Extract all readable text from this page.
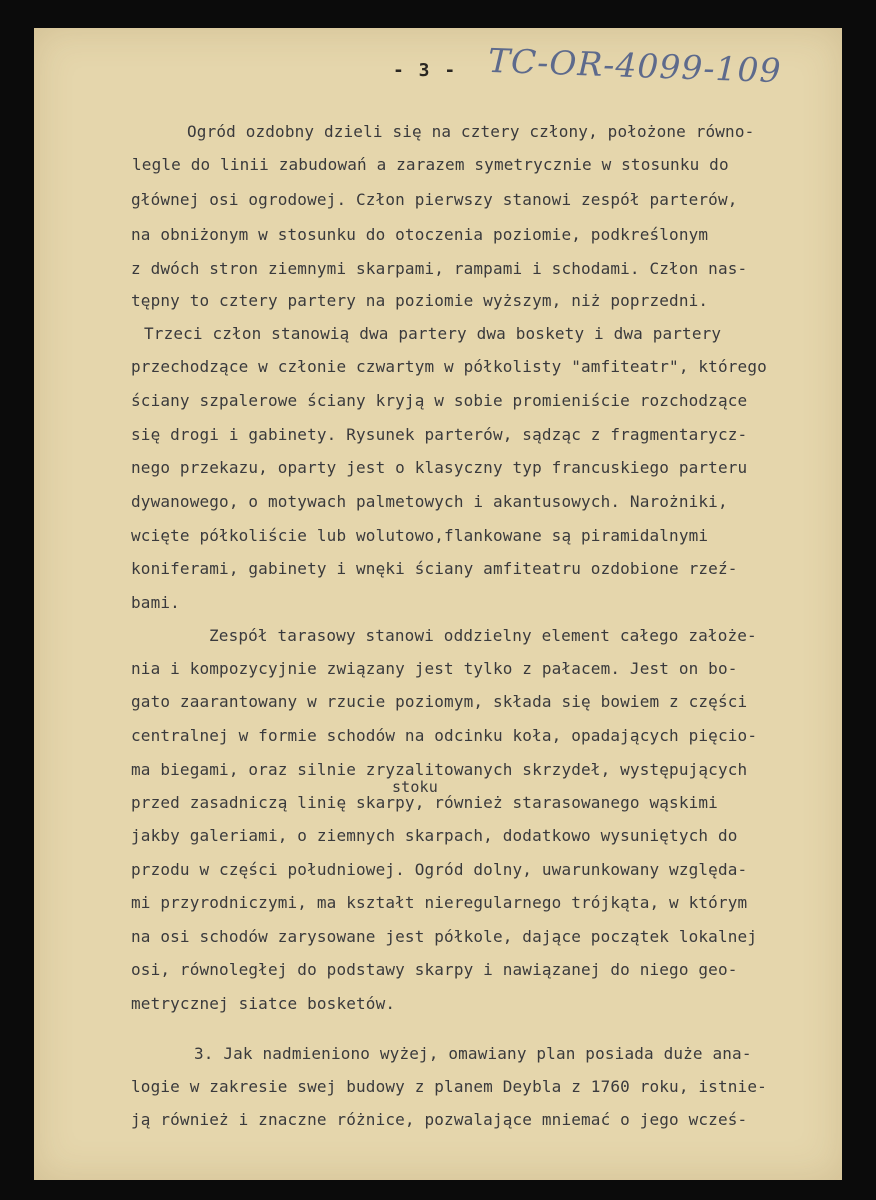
- 3 - TC-OR-4099-109
Ogród ozdobny dzieli się na cztery człony, położone równo-
legle do linii zabudowań a zarazem symetrycznie w stosunku do
głównej osi ogrodowej. Człon pierwszy stanowi zespół parterów,
na obniżonym w stosunku do otoczenia poziomie, podkreślonym
z dwóch stron ziemnymi skarpami, rampami i schodami. Człon nas-
tępny to cztery partery na poziomie wyższym, niż poprzedni.
Trzeci człon stanowią dwa partery dwa boskety i dwa partery
przechodzące w członie czwartym w półkolisty "amfiteatr", którego
ściany szpalerowe ściany kryją w sobie promieniście rozchodzące
się drogi i gabinety. Rysunek parterów, sądząc z fragmentarycz-
nego przekazu, oparty jest o klasyczny typ francuskiego parteru
dywanowego, o motywach palmetowych i akantusowych. Narożniki,
wcięte półkoliście lub wolutowo,flankowane są piramidalnymi
koniferami, gabinety i wnęki ściany amfiteatru ozdobione rzeź-
bami.
Zespół tarasowy stanowi oddzielny element całego założe-
nia i kompozycyjnie związany jest tylko z pałacem. Jest on bo-
gato zaarantowany w rzucie poziomym, składa się bowiem z części
centralnej w formie schodów na odcinku koła, opadających pięcio-
ma biegami, oraz silnie zryzalitowanych skrzydeł, występujących
stoku
przed zasadniczą linię skarpy, również starasowanego wąskimi
jakby galeriami, o ziemnych skarpach, dodatkowo wysuniętych do
przodu w części południowej. Ogród dolny, uwarunkowany względa-
mi przyrodniczymi, ma kształt nieregularnego trójkąta, w którym
na osi schodów zarysowane jest półkole, dające początek lokalnej
osi, równoległej do podstawy skarpy i nawiązanej do niego geo-
metrycznej siatce bosketów.
3. Jak nadmieniono wyżej, omawiany plan posiada duże ana-
logie w zakresie swej budowy z planem Deybla z 1760 roku, istnie-
ją również i znaczne różnice, pozwalające mniemać o jego wcześ-
